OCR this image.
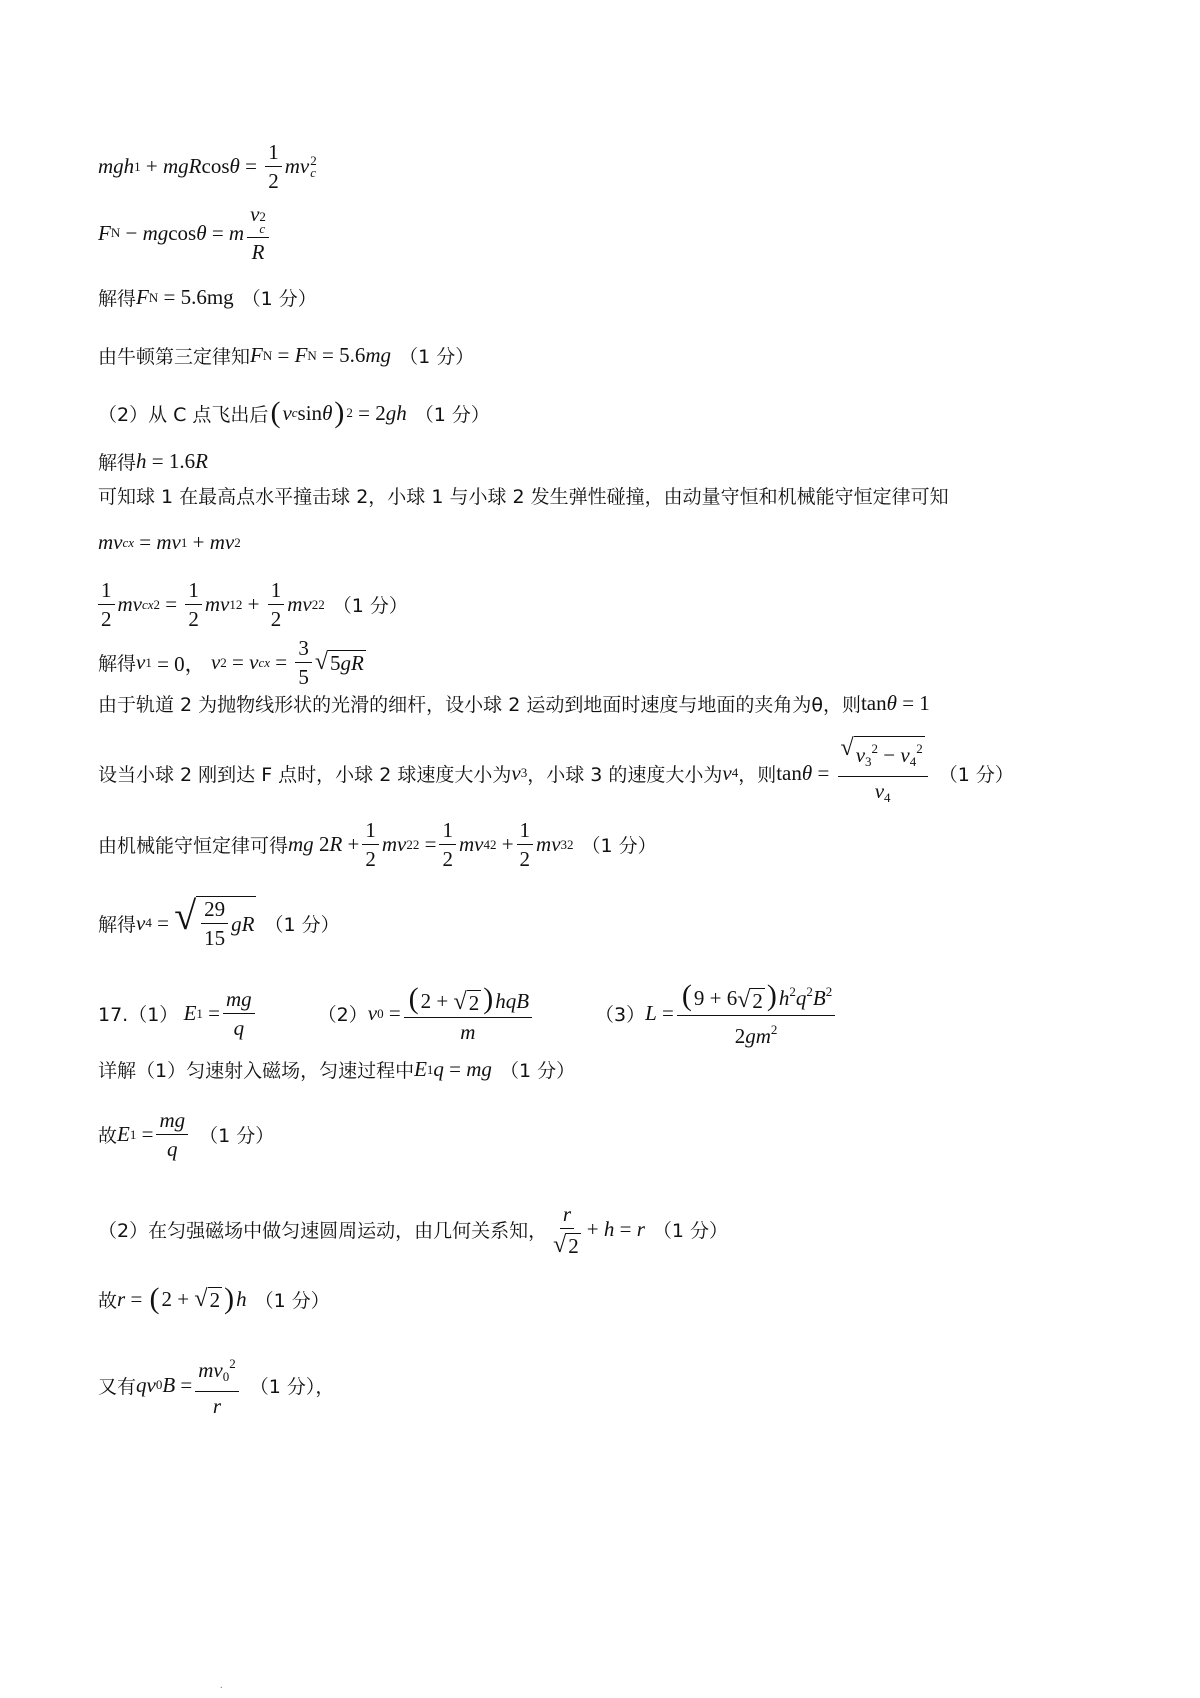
mgh 1 + mgR $\cos \theta = \frac{1}{2}$ mv 2
c
F N − mg cos θ = m v 2
c
R
解得 F N = 5.6mg （1 分）
由牛顿第三定律知 F N = F N = 5.6 mg （1 分）
（2）从 C 点飞出后 ( v c sin θ ) 2 = 2 gh （1 分）
解得 h = 1.6 R
可知球 1 在最高点水平撞击球 2，小球 1 与小球 2 发生弹性碰撞，由动量守恒和机械能守恒定律可知
mv cx = mv 1 + mv 2
$\frac{1}{2}$ mv cx $2 = \frac{1}{2}$ mv 1 $2 + \frac{1}{2}$ mv 2 2 （1 分）
解得 v 1 = 0， v 2 = v cx = $\frac{3}{5}$ √ 5gR
由于轨道 2 为抛物线形状的光滑的细杆，设小球 2 运动到地面时速度与地面的夹角为θ，则 tan θ = 1
设当小球 2 刚到达 F 点时，小球 2 球速度大小为 v 3 ，小球 3 的速度大小为 v 4 ，则 $\tan \theta = \frac{√ v_3^2 - v_4^2}{v_4} (1$ 分）
由机械能守恒定律可得 mg 2 $R + \frac{1}{2}$ mv 2 $2 = \frac{1}{2}$ mv 4 $2 + \frac{1}{2}$ mv 3 2 （1 分）
解得 v 4 = √ $\frac{29}{15}$ gR （1 分）
17.（1）
E $1 = \frac{mg}{q}$	（2） v $0 = \frac{\text{(2 + √ 2 )hqB}}{m}$	（3） $L = \frac{(9 + 6 √ 2 )h^2q^2B^2}{2gm^2}$
详解（1）匀速射入磁场，匀速过程中 E 1 q = mg （1 分）
故 E $1 = \frac{mg}{q} (1$ 分）
（2）在匀强磁场中做匀速圆周运动，由几何关系知， $\frac{r}{√ 2} + h = r$ （1 分）
故 r = ( 2 + √ 2 ) h （1 分）
又有 qv 0 $B = \frac{mv_0^2}{r} (1$ 分），
.
